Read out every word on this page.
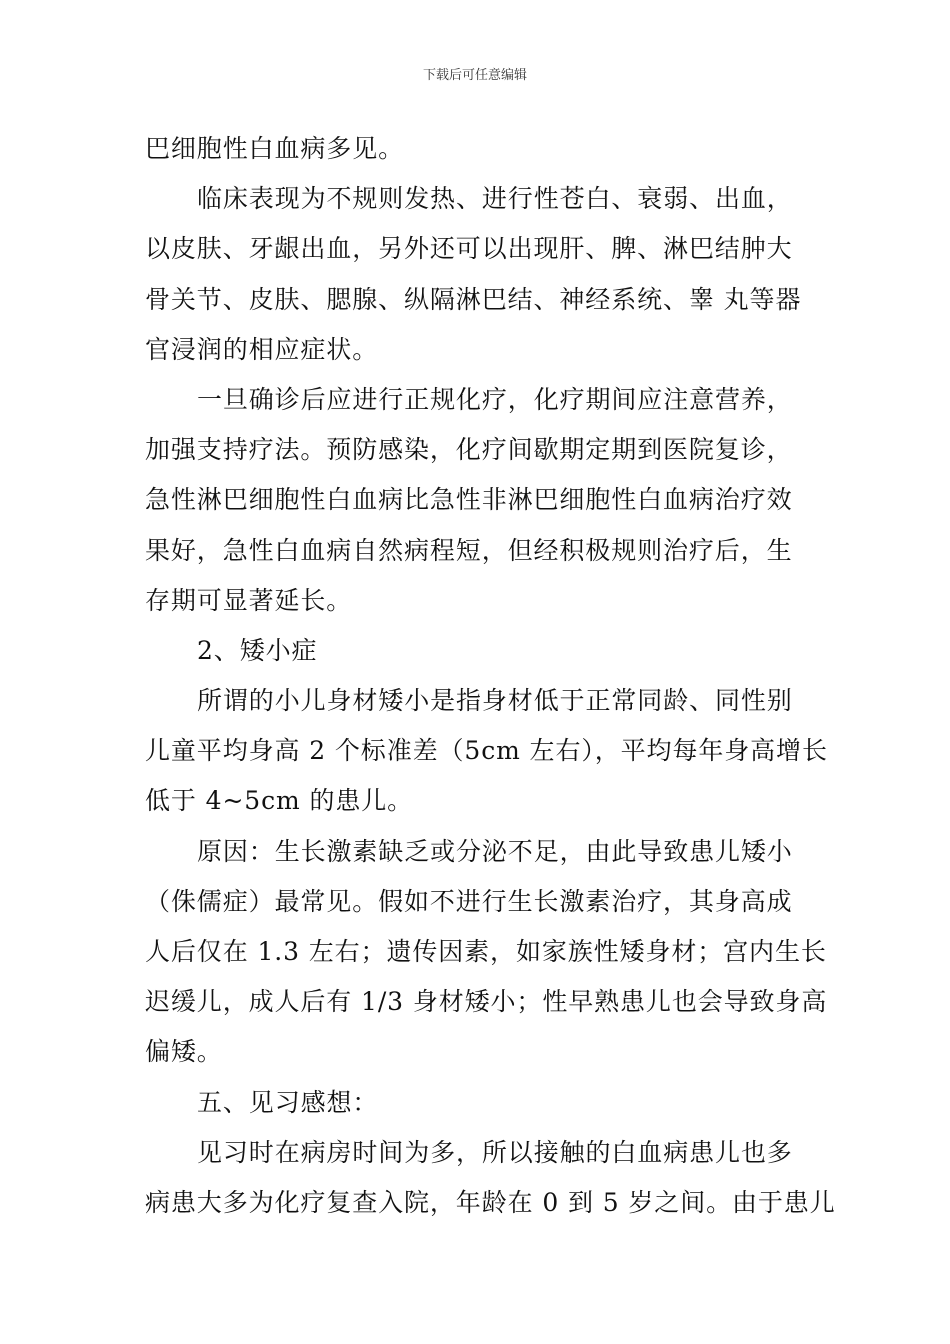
下载后可任意编辑
巴细胞性白血病多见。
临床表现为不规则发热、进行性苍白、衰弱、出血，
以皮肤、牙龈出血，另外还可以出现肝、脾、淋巴结肿大
骨关节、皮肤、腮腺、纵隔淋巴结、神经系统、睾 丸等器
官浸润的相应症状。
一旦确诊后应进行正规化疗，化疗期间应注意营养，
加强支持疗法。预防感染，化疗间歇期定期到医院复诊，
急性淋巴细胞性白血病比急性非淋巴细胞性白血病治疗效
果好，急性白血病自然病程短，但经积极规则治疗后，生
存期可显著延长。
2、矮小症
所谓的小儿身材矮小是指身材低于正常同龄、同性别
儿童平均身高 2 个标准差（5cm 左右），平均每年身高增长
低于 4~5cm 的患儿。
原因：生长激素缺乏或分泌不足，由此导致患儿矮小
（侏儒症）最常见。假如不进行生长激素治疗，其身高成
人后仅在 1.3 左右；遗传因素，如家族性矮身材；宫内生长
迟缓儿，成人后有 1/3 身材矮小；性早熟患儿也会导致身高
偏矮。
五、见习感想：
见习时在病房时间为多，所以接触的白血病患儿也多
病患大多为化疗复查入院，年龄在 0 到 5 岁之间。由于患儿
